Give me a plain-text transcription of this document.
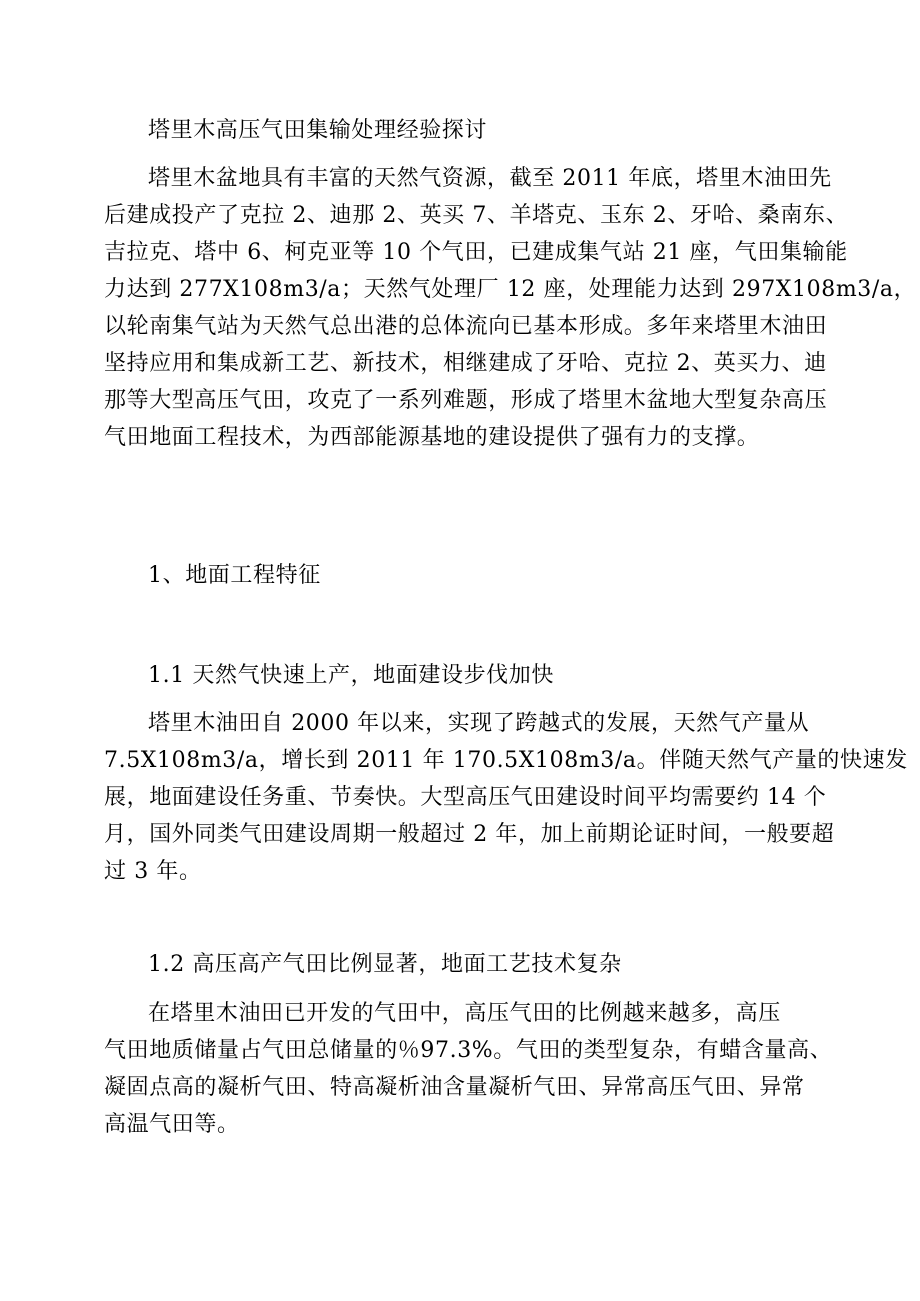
塔里木高压气田集输处理经验探讨
塔里木盆地具有丰富的天然气资源，截至 2011 年底，塔里木油田先
后建成投产了克拉 2、迪那 2、英买 7、羊塔克、玉东 2、牙哈、桑南东、
吉拉克、塔中 6、柯克亚等 10 个气田，已建成集气站 21 座，气田集输能
力达到 277X108m3/a；天然气处理厂 12 座，处理能力达到 297X108m3/a，
以轮南集气站为天然气总出港的总体流向已基本形成。多年来塔里木油田
坚持应用和集成新工艺、新技术，相继建成了牙哈、克拉 2、英买力、迪
那等大型高压气田，攻克了一系列难题，形成了塔里木盆地大型复杂高压
气田地面工程技术，为西部能源基地的建设提供了强有力的支撑。
1、地面工程特征
1.1 天然气快速上产，地面建设步伐加快
塔里木油田自 2000 年以来，实现了跨越式的发展，天然气产量从
7.5X108m3/a，增长到 2011 年 170.5X108m3/a。伴随天然气产量的快速发
展，地面建设任务重、节奏快。大型高压气田建设时间平均需要约 14 个
月，国外同类气田建设周期一般超过 2 年，加上前期论证时间，一般要超
过 3 年。
1.2 高压高产气田比例显著，地面工艺技术复杂
在塔里木油田已开发的气田中，高压气田的比例越来越多，高压
气田地质储量占气田总储量的％97.3%。气田的类型复杂，有蜡含量高、
凝固点高的凝析气田、特高凝析油含量凝析气田、异常高压气田、异常
高温气田等。
